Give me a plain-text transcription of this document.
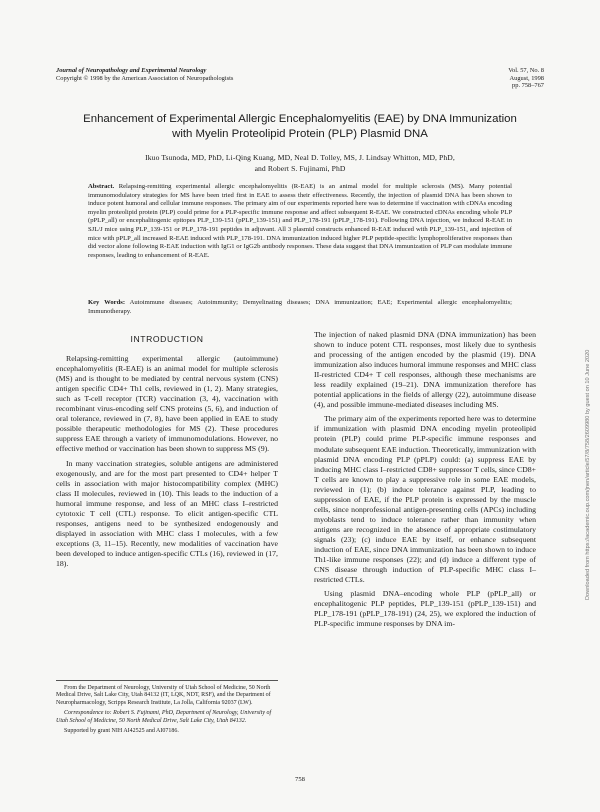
Journal of Neuropathology and Experimental Neurology
Copyright © 1998 by the American Association of Neuropathologists
Vol. 57, No. 8
August, 1998
pp. 758–767
Enhancement of Experimental Allergic Encephalomyelitis (EAE) by DNA Immunization
with Myelin Proteolipid Protein (PLP) Plasmid DNA
Ikuo Tsunoda, MD, PhD, Li-Qing Kuang, MD, Neal D. Tolley, MS, J. Lindsay Whitton, MD, PhD,
and Robert S. Fujinami, PhD
Abstract. Relapsing-remitting experimental allergic encephalomyelitis (R-EAE) is an animal model for multiple sclerosis (MS). Many potential immunomodulatory strategies for MS have been tried first in EAE to assess their effectiveness. Recently, the injection of plasmid DNA has been shown to induce potent humoral and cellular immune responses. The primary aim of our experiments reported here was to determine if vaccination with cDNAs encoding myelin proteolipid protein (PLP) could prime for a PLP-specific immune response and affect subsequent R-EAE. We constructed cDNAs encoding whole PLP (pPLP_all) or encephalitogenic epitopes PLP_139-151 (pPLP_139-151) and PLP_178-191 (pPLP_178-191). Following DNA injection, we induced R-EAE in SJL/J mice using PLP_139-151 or PLP_178-191 peptides in adjuvant. All 3 plasmid constructs enhanced R-EAE induced with PLP_139-151, and injection of mice with pPLP_all increased R-EAE induced with PLP_178-191. DNA immunization induced higher PLP peptide-specific lymphoproliferative responses than did vector alone following R-EAE induction with IgG1 or IgG2b antibody responses. These data suggest that DNA immunization of PLP can modulate immune responses, leading to enhancement of R-EAE.
Key Words: Autoimmune diseases; Autoimmunity; Demyelinating diseases; DNA immunization; EAE; Experimental allergic encephalomyelitis; Immunotherapy.
INTRODUCTION

Relapsing-remitting experimental allergic (autoimmune) encephalomyelitis (R-EAE) is an animal model for multiple sclerosis (MS) and is thought to be mediated by central nervous system (CNS) antigen specific CD4+ Th1 cells, reviewed in (1, 2). Many strategies, such as T-cell receptor (TCR) vaccination (3, 4), vaccination with recombinant virus-encoding self CNS proteins (5, 6), and induction of oral tolerance, reviewed in (7, 8), have been applied in EAE to study possible therapeutic methodologies for MS (2). These procedures suppress EAE through a variety of immunomodulations. However, no effective method or vaccination has been shown to suppress MS (9).

In many vaccination strategies, soluble antigens are administered exogenously, and are for the most part presented to CD4+ helper T cells in association with major histocompatibility complex (MHC) class II molecules, reviewed in (10). This leads to the induction of a humoral immune response, and less of an MHC class I–restricted cytotoxic T cell (CTL) response. To elicit antigen-specific CTL responses, antigens need to be synthesized endogenously and displayed in association with MHC class I molecules, with a few exceptions (3, 11–15). Recently, new modalities of vaccination have been developed to induce antigen-specific CTLs (16), reviewed in (17, 18).

The injection of naked plasmid DNA (DNA immunization) has been shown to induce potent CTL responses, most likely due to synthesis and processing of the antigen encoded by the plasmid (19). DNA immunization also induces humoral immune responses and MHC class II-restricted CD4+ T cell responses, although these mechanisms are less readily explained (19–21). DNA immunization therefore has potential applications in the fields of allergy (22), autoimmune disease (4), and possible immune-mediated diseases including MS.

The primary aim of the experiments reported here was to determine if immunization with plasmid DNA encoding myelin proteolipid protein (PLP) could prime PLP-specific immune responses and modulate subsequent EAE induction. Theoretically, immunization with plasmid DNA encoding PLP (pPLP) could: (a) suppress EAE by inducing MHC class I–restricted CD8+ suppressor T cells, since CD8+ T cells are known to play a suppressive role in some EAE models, reviewed in (1); (b) induce tolerance against PLP, leading to suppression of EAE, if the PLP protein is expressed by the muscle cells, since nonprofessional antigen-presenting cells (APCs) including myoblasts tend to induce tolerance rather than immunity when antigens are recognized in the absence of appropriate costimulatory signals (23); (c) induce EAE by itself, or enhance subsequent induction of EAE, since DNA immunization has been shown to induce Th1-like immune responses (22); and (d) induce a different type of CNS disease through induction of PLP-specific MHC class I–restricted CTLs.

Using plasmid DNA–encoding whole PLP (pPLP_all) or encephalitogenic PLP peptides, PLP_139-151 (pPLP_139-151) and PLP_178-191 (pPLP_178-191) (24, 25), we explored the induction of PLP-specific immune responses by DNA im-

From the Department of Neurology, University of Utah School of Medicine, 50 North Medical Drive, Salt Lake City, Utah 84132 (IT, LQK, NDT, RSF), and the Department of Neuropharmacology, Scripps Research Institute, La Jolla, California 92037 (LW).

Correspondence to: Robert S. Fujinami, PhD, Department of Neurology, University of Utah School of Medicine, 50 North Medical Drive, Salt Lake City, Utah 84132.

Supported by grant NIH AI42525 and AI07186.

758
Downloaded from https://academic.oup.com/jnen/article/57/8/758/2609980 by guest on 10 June 2020
